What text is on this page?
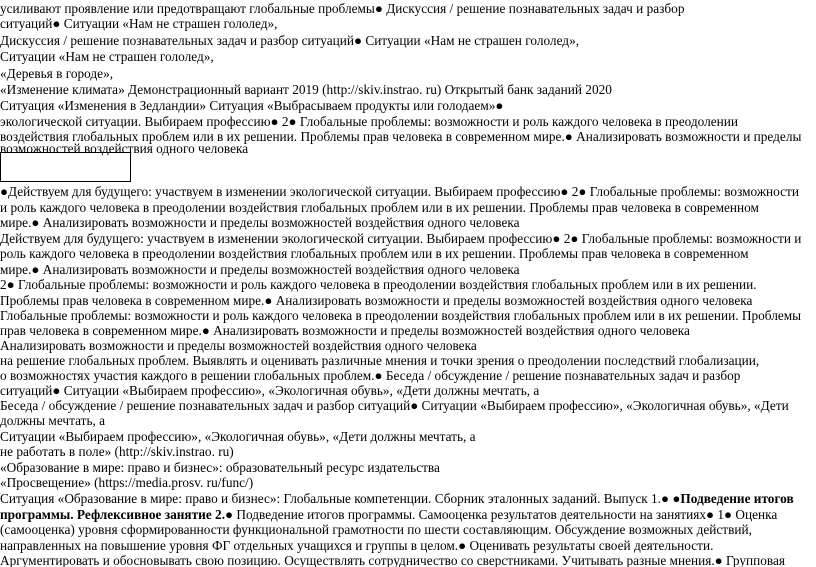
усиливают проявление или предотвращают глобальные проблемы● Дискуссия / решение познавательных задач и разбор
ситуаций● Ситуации «Нам не страшен гололед»,
Дискуссия / решение познавательных задач и разбор ситуаций● Ситуации «Нам не страшен гололед»,
Ситуации «Нам не страшен гололед»,
«Деревья в городе»,
«Изменение климата» Демонстрационный вариант 2019 (http://skiv.instrao. ru) Открытый банк заданий 2020
Ситуация «Изменения в Зедландии» Ситуация «Выбрасываем продукты или голодаем»●
экологической ситуации. Выбираем профессию● 2● Глобальные проблемы: возможности и роль каждого человека в преодолении
воздействия глобальных проблем или в их решении. Проблемы прав человека в современном мире.● Анализировать возможности и пределы
возможностей воздействия одного человека
●Действуем для будущего: участвуем в изменении экологической ситуации. Выбираем профессию● 2● Глобальные проблемы: возможности
и роль каждого человека в преодолении воздействия глобальных проблем или в их решении. Проблемы прав человека в современном
мире.● Анализировать возможности и пределы возможностей воздействия одного человека
Действуем для будущего: участвуем в изменении экологической ситуации. Выбираем профессию● 2● Глобальные проблемы: возможности и
роль каждого человека в преодолении воздействия глобальных проблем или в их решении. Проблемы прав человека в современном
мире.● Анализировать возможности и пределы возможностей воздействия одного человека
2● Глобальные проблемы: возможности и роль каждого человека в преодолении воздействия глобальных проблем или в их решении.
Проблемы прав человека в современном мире.● Анализировать возможности и пределы возможностей воздействия одного человека
Глобальные проблемы: возможности и роль каждого человека в преодолении воздействия глобальных проблем или в их решении. Проблемы
прав человека в современном мире.● Анализировать возможности и пределы возможностей воздействия одного человека
Анализировать возможности и пределы возможностей воздействия одного человека
на решение глобальных проблем. Выявлять и оценивать различные мнения и точки зрения о преодолении последствий глобализации,
о возможностях участия каждого в решении глобальных проблем.● Беседа / обсуждение / решение познавательных задач и разбор
ситуаций● Ситуации «Выбираем профессию», «Экологичная обувь», «Дети должны мечтать, а
Беседа / обсуждение / решение познавательных задач и разбор ситуаций● Ситуации «Выбираем профессию», «Экологичная обувь», «Дети
должны мечтать, а
Ситуации «Выбираем профессию», «Экологичная обувь», «Дети должны мечтать, а
не работать в поле» (http://skiv.instrao. ru)
«Образование в мире: право и бизнес»: образовательный ресурс издательства
«Просвещение» (https://media.prosv. ru/func/)
Ситуация «Образование в мире: право и бизнес»: Глобальные компетенции. Сборник эталонных заданий. Выпуск 1.● ●Подведение итогов
программы. Рефлексивное занятие 2.● Подведение итогов программы. Самооценка результатов деятельности на занятиях● 1● Оценка
(самооценка) уровня сформированности функциональной грамотности по шести составляющим. Обсуждение возможных действий,
направленных на повышение уровня ФГ отдельных учащихся и группы в целом.● Оценивать результаты своей деятельности.
Аргументировать и обосновывать свою позицию. Осуществлять сотрудничество со сверстниками. Учитывать разные мнения.● Групповая
